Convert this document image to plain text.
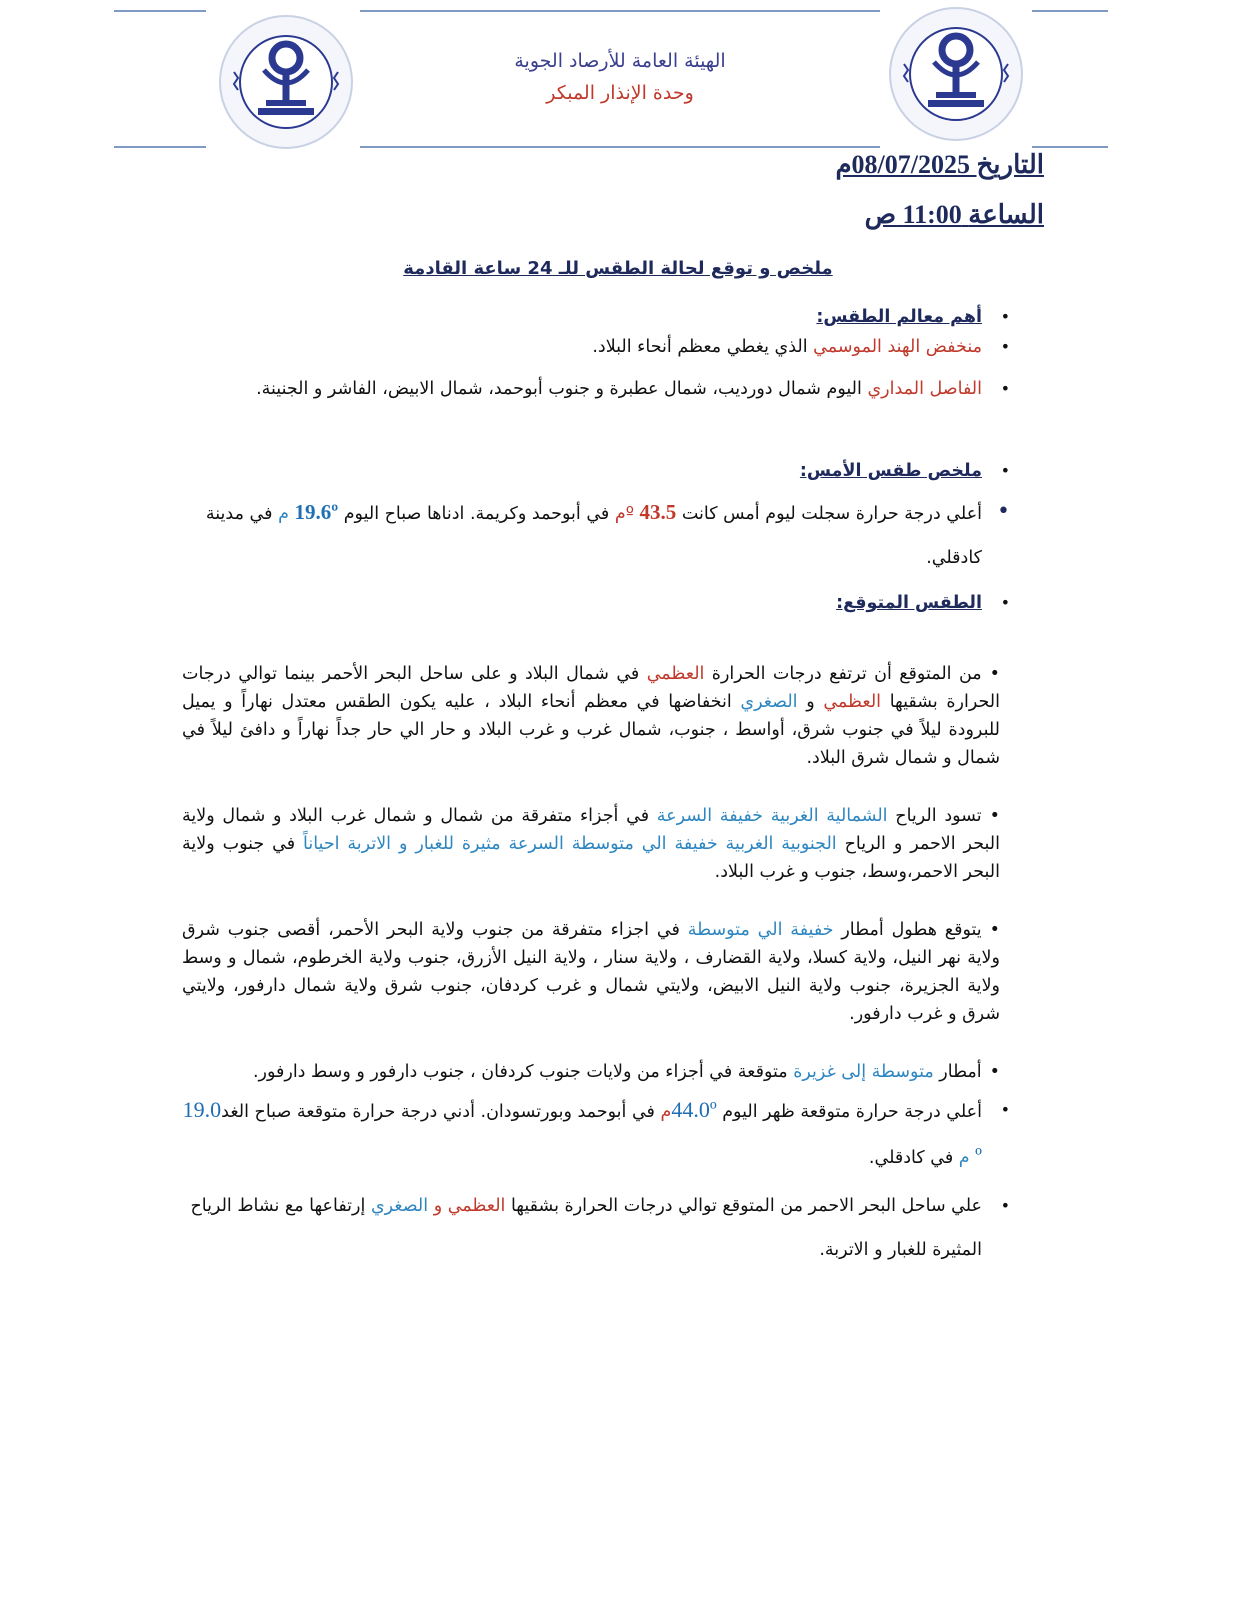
الهيئة العامة للأرصاد الجوية
وحدة الإنذار المبكر
التاريخ 08/07/2025م
الساعة 11:00 ص
ملخص و توقع لحالة الطقس للـ 24 ساعة القادمة
• أهم معالم الطقس:
• منخفض الهند الموسمي الذي يغطي معظم أنحاء البلاد.
• الفاصل المداري اليوم شمال دورديب، شمال عطبرة و جنوب أبوحمد، شمال الابيض، الفاشر و الجنينة.
• ملخص طقس الأمس:
• أعلي درجة حرارة سجلت ليوم أمس كانت 43.5 ºم في أبوحمد وكريمة. ادناها صباح اليوم 19.6º م في مدينة كادقلي.
• الطقس المتوقع:
•من المتوقع أن ترتفع درجات الحرارة العظمي في شمال البلاد و على ساحل البحر الأحمر بينما توالي درجات الحرارة بشقيها العظمي و الصغري انخفاضها في معظم أنحاء البلاد ، عليه يكون الطقس معتدل نهاراً و يميل للبرودة ليلاً في جنوب شرق، أواسط ، جنوب، شمال غرب و غرب البلاد و حار الي حار جداً نهاراً و دافئ ليلاً في شمال و شمال شرق البلاد.
•تسود الرياح الشمالية الغربية خفيفة السرعة في أجزاء متفرقة من شمال و شمال غرب البلاد و شمال ولاية البحر الاحمر و الرياح الجنوبية الغربية خفيفة الي متوسطة السرعة مثيرة للغبار و الاتربة احياناً في جنوب ولاية البحر الاحمر،وسط، جنوب و غرب البلاد.
•يتوقع هطول أمطار خفيفة الي متوسطة في اجزاء متفرقة من جنوب ولاية البحر الأحمر، أقصى جنوب شرق ولاية نهر النيل، ولاية كسلا، ولاية القضارف ، ولاية سنار ، ولاية النيل الأزرق، جنوب ولاية الخرطوم، شمال و وسط ولاية الجزيرة، جنوب ولاية النيل الابيض، ولايتي شمال و غرب كردفان، جنوب شرق ولاية شمال دارفور، ولايتي شرق و غرب دارفور.
•أمطار متوسطة إلى غزيرة متوقعة في أجزاء من ولايات جنوب كردفان ، جنوب دارفور و وسط دارفور.
• أعلي درجة حرارة متوقعة ظهر اليوم 44.0ºم في أبوحمد وبورتسودان. أدني درجة حرارة متوقعة صباح الغد19.0 º م في كادقلي.
• علي ساحل البحر الاحمر من المتوقع توالي درجات الحرارة بشقيها العظمي و الصغري إرتفاعها مع نشاط الرياح المثيرة للغبار و الاتربة.
